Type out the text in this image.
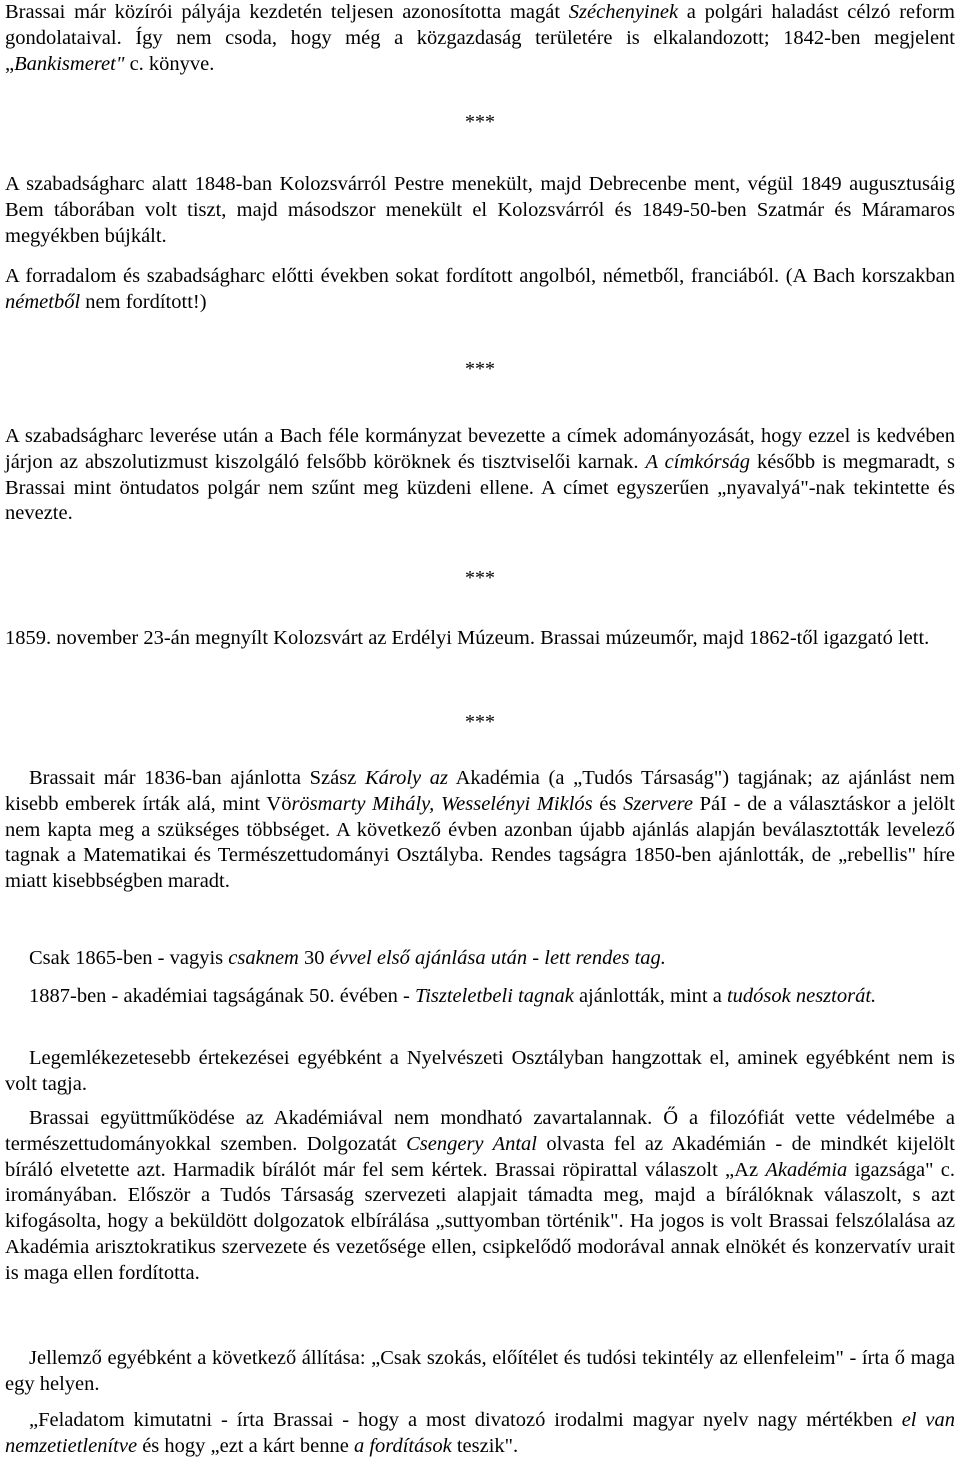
Brassai már közírói pályája kezdetén teljesen azonosította magát Széchenyinek a polgári haladást célzó reform gondolataival. Így nem csoda, hogy még a közgazdaság területére is elkalandozott; 1842-ben megjelent „Bankismeret" c. könyve.

***

A szabadságharc alatt 1848-ban Kolozsvárról Pestre menekült, majd Debrecenbe ment, végül 1849 augusztusáig Bem táborában volt tiszt, majd másodszor menekült el Kolozsvárról és 1849-50-ben Szatmár és Máramaros megyékben bújkált.

A forradalom és szabadságharc előtti években sokat fordított angolból, németből, franciából. (A Bach korszakban németből nem fordított!)

***

A szabadságharc leverése után a Bach féle kormányzat bevezette a címek adományozását, hogy ezzel is kedvében járjon az abszolutizmust kiszolgáló felsőbb köröknek és tisztviselői karnak. A címkórság később is megmaradt, s Brassai mint öntudatos polgár nem szűnt meg küzdeni ellene. A címet egyszerűen „nyavalyá"-nak tekintette és nevezte.

***

1859. november 23-án megnyílt Kolozsvárt az Erdélyi Múzeum. Brassai múzeumőr, majd 1862-től igazgató lett.

***

Brassait már 1836-ban ajánlotta Szász Károly az Akadémia (a „Tudós Társaság") tagjának; az ajánlást nem kisebb emberek írták alá, mint Vörösmarty Mihály, Wesselényi Miklós és Szervere PáI - de a választáskor a jelölt nem kapta meg a szükséges többséget. A következő évben azonban újabb ajánlás alapján beválasztották levelező tagnak a Matematikai és Természettudományi Osztályba. Rendes tagságra 1850-ben ajánlották, de „rebellis" híre miatt kisebbségben maradt.

Csak 1865-ben - vagyis csaknem 30 évvel első ajánlása után - lett rendes tag.

1887-ben - akadémiai tagságának 50. évében - Tiszteletbeli tagnak ajánlották, mint a tudósok nesztorát.

Legemlékezetesebb értekezései egyébként a Nyelvészeti Osztályban hangzottak el, aminek egyébként nem is volt tagja.

Brassai együttműködése az Akadémiával nem mondható zavartalannak. Ő a filozófiát vette védelmébe a természettudományokkal szemben. Dolgozatát Csengery Antal olvasta fel az Akadémián - de mindkét kijelölt bíráló elvetette azt. Harmadik bírálót már fel sem kértek. Brassai röpirattal válaszolt „Az Akadémia igazsága" c. irományában. Először a Tudós Társaság szervezeti alapjait támadta meg, majd a bírálóknak válaszolt, s azt kifogásolta, hogy a beküldött dolgozatok elbírálása „suttyomban történik". Ha jogos is volt Brassai felszólalása az Akadémia arisztokratikus szervezete és vezetősége ellen, csipkelődő modorával annak elnökét és konzervatív urait is maga ellen fordította.

Jellemző egyébként a következő állítása: „Csak szokás, előítélet és tudósi tekintély az ellenfeleim" - írta ő maga egy helyen.

„Feladatom kimutatni - írta Brassai - hogy a most divatozó irodalmi magyar nyelv nagy mértékben el van nemzetietlenítve és hogy „ezt a kárt benne a fordítások teszik".
